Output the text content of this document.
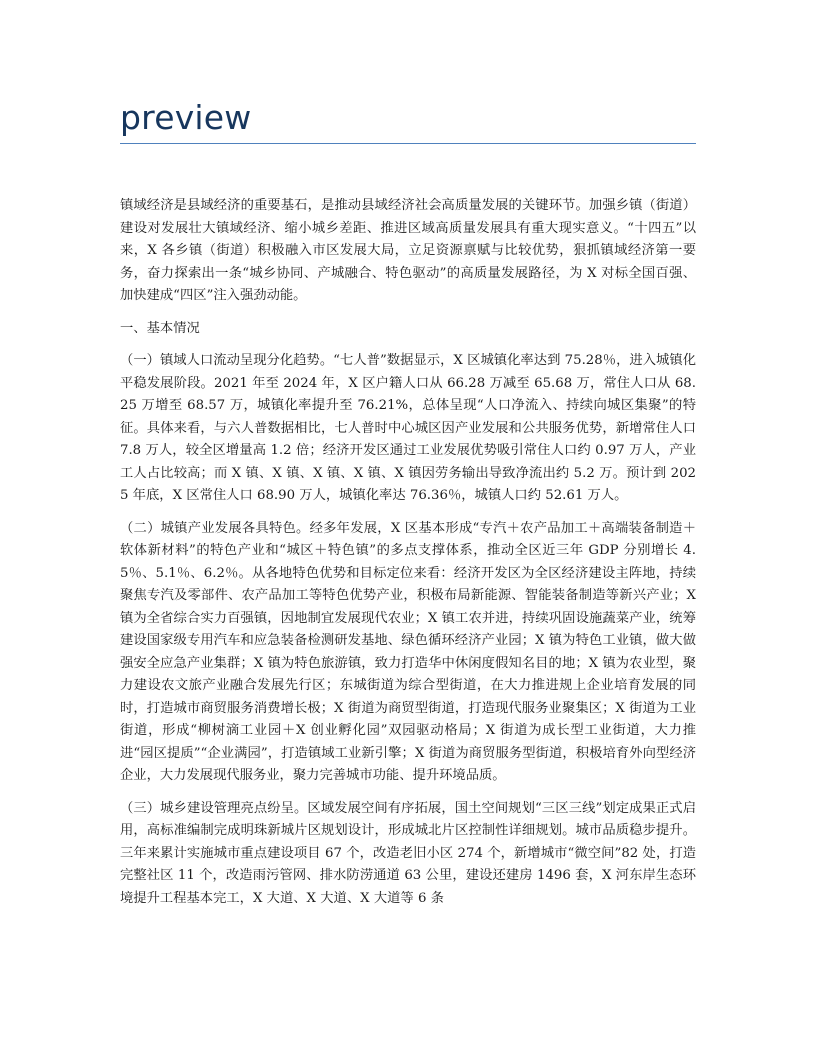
preview

镇域经济是县域经济的重要基石，是推动县域经济社会高质量发展的关键环节。加强乡镇（街道）建设对发展壮大镇域经济、缩小城乡差距、推进区域高质量发展具有重大现实意义。“十四五”以来，X 各乡镇（街道）积极融入市区发展大局，立足资源禀赋与比较优势，狠抓镇域经济第一要务，奋力探索出一条“城乡协同、产城融合、特色驱动”的高质量发展路径，为 X 对标全国百强、加快建成“四区”注入强劲动能。

一、基本情况

（一）镇域人口流动呈现分化趋势。“七人普”数据显示，X 区城镇化率达到 75.28％，进入城镇化平稳发展阶段。2021 年至 2024 年，X 区户籍人口从 66.28 万减至 65.68 万，常住人口从 68.25 万增至 68.57 万，城镇化率提升至 76.21%，总体呈现“人口净流入、持续向城区集聚”的特征。具体来看，与六人普数据相比，七人普时中心城区因产业发展和公共服务优势，新增常住人口 7.8 万人，较全区增量高 1.2 倍；经济开发区通过工业发展优势吸引常住人口约 0.97 万人，产业工人占比较高；而 X 镇、X 镇、X 镇、X 镇、X 镇因劳务输出导致净流出约 5.2 万。预计到 2025 年底，X 区常住人口 68.90 万人，城镇化率达 76.36％，城镇人口约 52.61 万人。

（二）城镇产业发展各具特色。经多年发展，X 区基本形成“专汽＋农产品加工＋高端装备制造＋软体新材料”的特色产业和“城区＋特色镇”的多点支撑体系，推动全区近三年 GDP 分别增长 4.5％、5.1％、6.2％。从各地特色优势和目标定位来看：经济开发区为全区经济建设主阵地，持续聚焦专汽及零部件、农产品加工等特色优势产业，积极布局新能源、智能装备制造等新兴产业；X 镇为全省综合实力百强镇，因地制宜发展现代农业；X 镇工农并进，持续巩固设施蔬菜产业，统筹建设国家级专用汽车和应急装备检测研发基地、绿色循环经济产业园；X 镇为特色工业镇，做大做强安全应急产业集群；X 镇为特色旅游镇，致力打造华中休闲度假知名目的地；X 镇为农业型，聚力建设农文旅产业融合发展先行区；东城街道为综合型街道，在大力推进规上企业培育发展的同时，打造城市商贸服务消费增长极；X 街道为商贸型街道，打造现代服务业聚集区；X 街道为工业街道，形成“柳树滴工业园＋X 创业孵化园”双园驱动格局；X 街道为成长型工业街道，大力推进“园区提质”“企业满园”，打造镇域工业新引擎；X 街道为商贸服务型街道，积极培育外向型经济企业，大力发展现代服务业，聚力完善城市功能、提升环境品质。

（三）城乡建设管理亮点纷呈。区域发展空间有序拓展，国土空间规划“三区三线”划定成果正式启用，高标准编制完成明珠新城片区规划设计，形成城北片区控制性详细规划。城市品质稳步提升。三年来累计实施城市重点建设项目 67 个，改造老旧小区 274 个，新增城市“微空间”82 处，打造完整社区 11 个，改造雨污管网、排水防涝通道 63 公里，建设还建房 1496 套，X 河东岸生态环境提升工程基本完工，X 大道、X 大道、X 大道等 6 条
